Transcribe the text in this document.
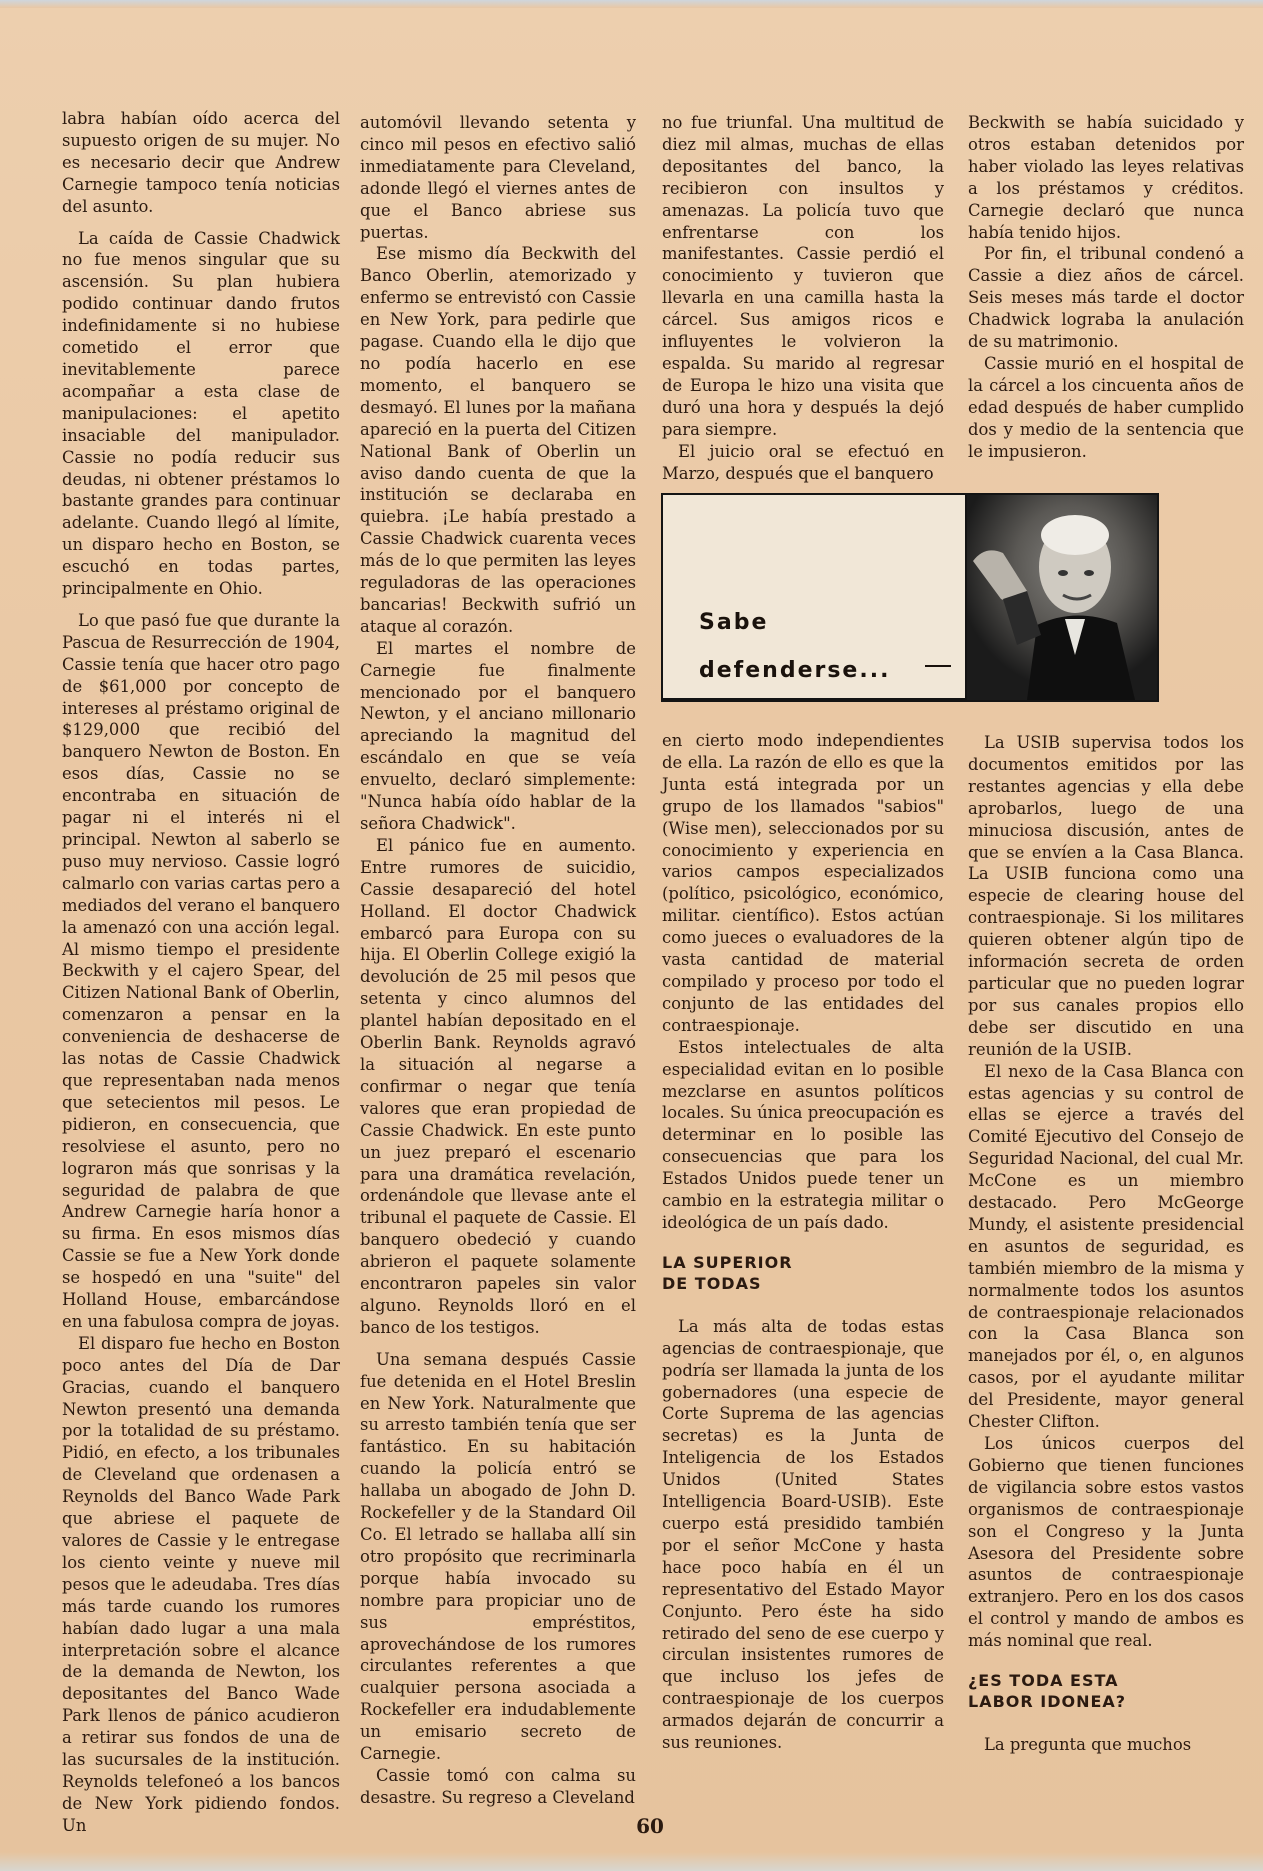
labra habían oído acerca del supuesto origen de su mujer. No es necesario decir que Andrew Carnegie tampoco tenía noticias del asunto.

La caída de Cassie Chadwick no fue menos singular que su ascensión. Su plan hubiera podido continuar dando frutos indefinidamente si no hubiese cometido el error que inevitablemente parece acompañar a esta clase de manipulaciones: el apetito insaciable del manipulador. Cassie no podía reducir sus deudas, ni obtener préstamos lo bastante grandes para continuar adelante. Cuando llegó al límite, un disparo hecho en Boston, se escuchó en todas partes, principalmente en Ohio.

Lo que pasó fue que durante la Pascua de Resurrección de 1904, Cassie tenía que hacer otro pago de $61,000 por concepto de intereses al préstamo original de $129,000 que recibió del banquero Newton de Boston. En esos días, Cassie no se encontraba en situación de pagar ni el interés ni el principal. Newton al saberlo se puso muy nervioso. Cassie logró calmarlo con varias cartas pero a mediados del verano el banquero la amenazó con una acción legal. Al mismo tiempo el presidente Beckwith y el cajero Spear, del Citizen National Bank of Oberlin, comenzaron a pensar en la conveniencia de deshacerse de las notas de Cassie Chadwick que representaban nada menos que setecientos mil pesos. Le pidieron, en consecuencia, que resolviese el asunto, pero no lograron más que sonrisas y la seguridad de palabra de que Andrew Carnegie haría honor a su firma. En esos mismos días Cassie se fue a New York donde se hospedó en una "suite" del Holland House, embarcándose en una fabulosa compra de joyas.

El disparo fue hecho en Boston poco antes del Día de Dar Gracias, cuando el banquero Newton presentó una demanda por la totalidad de su préstamo. Pidió, en efecto, a los tribunales de Cleveland que ordenasen a Reynolds del Banco Wade Park que abriese el paquete de valores de Cassie y le entregase los ciento veinte y nueve mil pesos que le adeudaba. Tres días más tarde cuando los rumores habían dado lugar a una mala interpretación sobre el alcance de la demanda de Newton, los depositantes del Banco Wade Park llenos de pánico acudieron a retirar sus fondos de una de las sucursales de la institución. Reynolds telefoneó a los bancos de New York pidiendo fondos. Un

automóvil llevando setenta y cinco mil pesos en efectivo salió inmediatamente para Cleveland, adonde llegó el viernes antes de que el Banco abriese sus puertas.

Ese mismo día Beckwith del Banco Oberlin, atemorizado y enfermo se entrevistó con Cassie en New York, para pedirle que pagase. Cuando ella le dijo que no podía hacerlo en ese momento, el banquero se desmayó. El lunes por la mañana apareció en la puerta del Citizen National Bank of Oberlin un aviso dando cuenta de que la institución se declaraba en quiebra. ¡Le había prestado a Cassie Chadwick cuarenta veces más de lo que permiten las leyes reguladoras de las operaciones bancarias! Beckwith sufrió un ataque al corazón.

El martes el nombre de Carnegie fue finalmente mencionado por el banquero Newton, y el anciano millonario apreciando la magnitud del escándalo en que se veía envuelto, declaró simplemente: "Nunca había oído hablar de la señora Chadwick".

El pánico fue en aumento. Entre rumores de suicidio, Cassie desapareció del hotel Holland. El doctor Chadwick embarcó para Europa con su hija. El Oberlin College exigió la devolución de 25 mil pesos que setenta y cinco alumnos del plantel habían depositado en el Oberlin Bank. Reynolds agravó la situación al negarse a confirmar o negar que tenía valores que eran propiedad de Cassie Chadwick. En este punto un juez preparó el escenario para una dramática revelación, ordenándole que llevase ante el tribunal el paquete de Cassie. El banquero obedeció y cuando abrieron el paquete solamente encontraron papeles sin valor alguno. Reynolds lloró en el banco de los testigos.

Una semana después Cassie fue detenida en el Hotel Breslin en New York. Naturalmente que su arresto también tenía que ser fantástico. En su habitación cuando la policía entró se hallaba un abogado de John D. Rockefeller y de la Standard Oil Co. El letrado se hallaba allí sin otro propósito que recriminarla porque había invocado su nombre para propiciar uno de sus empréstitos, aprovechándose de los rumores circulantes referentes a que cualquier persona asociada a Rockefeller era indudablemente un emisario secreto de Carnegie.

Cassie tomó con calma su desastre. Su regreso a Cleveland

no fue triunfal. Una multitud de diez mil almas, muchas de ellas depositantes del banco, la recibieron con insultos y amenazas. La policía tuvo que enfrentarse con los manifestantes. Cassie perdió el conocimiento y tuvieron que llevarla en una camilla hasta la cárcel. Sus amigos ricos e influyentes le volvieron la espalda. Su marido al regresar de Europa le hizo una visita que duró una hora y después la dejó para siempre.

El juicio oral se efectuó en Marzo, después que el banquero

Beckwith se había suicidado y otros estaban detenidos por haber violado las leyes relativas a los préstamos y créditos. Carnegie declaró que nunca había tenido hijos.

Por fin, el tribunal condenó a Cassie a diez años de cárcel. Seis meses más tarde el doctor Chadwick lograba la anulación de su matrimonio.

Cassie murió en el hospital de la cárcel a los cincuenta años de edad después de haber cumplido dos y medio de la sentencia que le impusieron.

Sabe
defenderse...

en cierto modo independientes de ella. La razón de ello es que la Junta está integrada por un grupo de los llamados "sabios" (Wise men), seleccionados por su conocimiento y experiencia en varios campos especializados (político, psicológico, económico, militar. científico). Estos actúan como jueces o evaluadores de la vasta cantidad de material compilado y proceso por todo el conjunto de las entidades del contraespionaje.

Estos intelectuales de alta especialidad evitan en lo posible mezclarse en asuntos políticos locales. Su única preocupación es determinar en lo posible las consecuencias que para los Estados Unidos puede tener un cambio en la estrategia militar o ideológica de un país dado.

LA SUPERIOR
DE TODAS

La más alta de todas estas agencias de contraespionaje, que podría ser llamada la junta de los gobernadores (una especie de Corte Suprema de las agencias secretas) es la Junta de Inteligencia de los Estados Unidos (United States Intelligencia Board-USIB). Este cuerpo está presidido también por el señor McCone y hasta hace poco había en él un representativo del Estado Mayor Conjunto. Pero éste ha sido retirado del seno de ese cuerpo y circulan insistentes rumores de que incluso los jefes de contraespionaje de los cuerpos armados dejarán de concurrir a sus reuniones.

La USIB supervisa todos los documentos emitidos por las restantes agencias y ella debe aprobarlos, luego de una minuciosa discusión, antes de que se envíen a la Casa Blanca. La USIB funciona como una especie de clearing house del contraespionaje. Si los militares quieren obtener algún tipo de información secreta de orden particular que no pueden lograr por sus canales propios ello debe ser discutido en una reunión de la USIB.

El nexo de la Casa Blanca con estas agencias y su control de ellas se ejerce a través del Comité Ejecutivo del Consejo de Seguridad Nacional, del cual Mr. McCone es un miembro destacado. Pero McGeorge Mundy, el asistente presidencial en asuntos de seguridad, es también miembro de la misma y normalmente todos los asuntos de contraespionaje relacionados con la Casa Blanca son manejados por él, o, en algunos casos, por el ayudante militar del Presidente, mayor general Chester Clifton.

Los únicos cuerpos del Gobierno que tienen funciones de vigilancia sobre estos vastos organismos de contraespionaje son el Congreso y la Junta Asesora del Presidente sobre asuntos de contraespionaje extranjero. Pero en los dos casos el control y mando de ambos es más nominal que real.

¿ES TODA ESTA
LABOR IDONEA?

La pregunta que muchos

60
